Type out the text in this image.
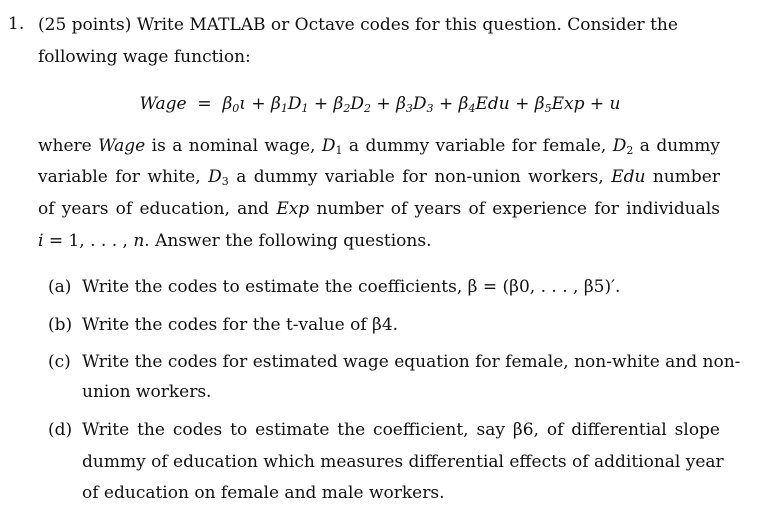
1. (25 points) Write MATLAB or Octave codes for this question. Consider the
following wage function:
Wage  =  $\beta_0\iota + \beta_1D_1 + \beta_2D_2 + \beta_3D_3 + \beta_4Edu + \beta_5Exp + u$
where Wage is a nominal wage, $D_1$ a dummy variable for female, $D_2$ a dummy
variable for white, $D_3$ a dummy variable for non-union workers, Edu number
of years of education, and Exp number of years of experience for individuals
i = 1, . . . , n. Answer the following questions.
(a) Write the codes to estimate the coefficients, β = (β0, . . . , β5)′.
(b) Write the codes for the t-value of β4.
(c) Write the codes for estimated wage equation for female, non-white and non-
union workers.
(d) Write the codes to estimate the coefficient, say β6, of differential slope
dummy of education which measures differential effects of additional year
of education on female and male workers.
